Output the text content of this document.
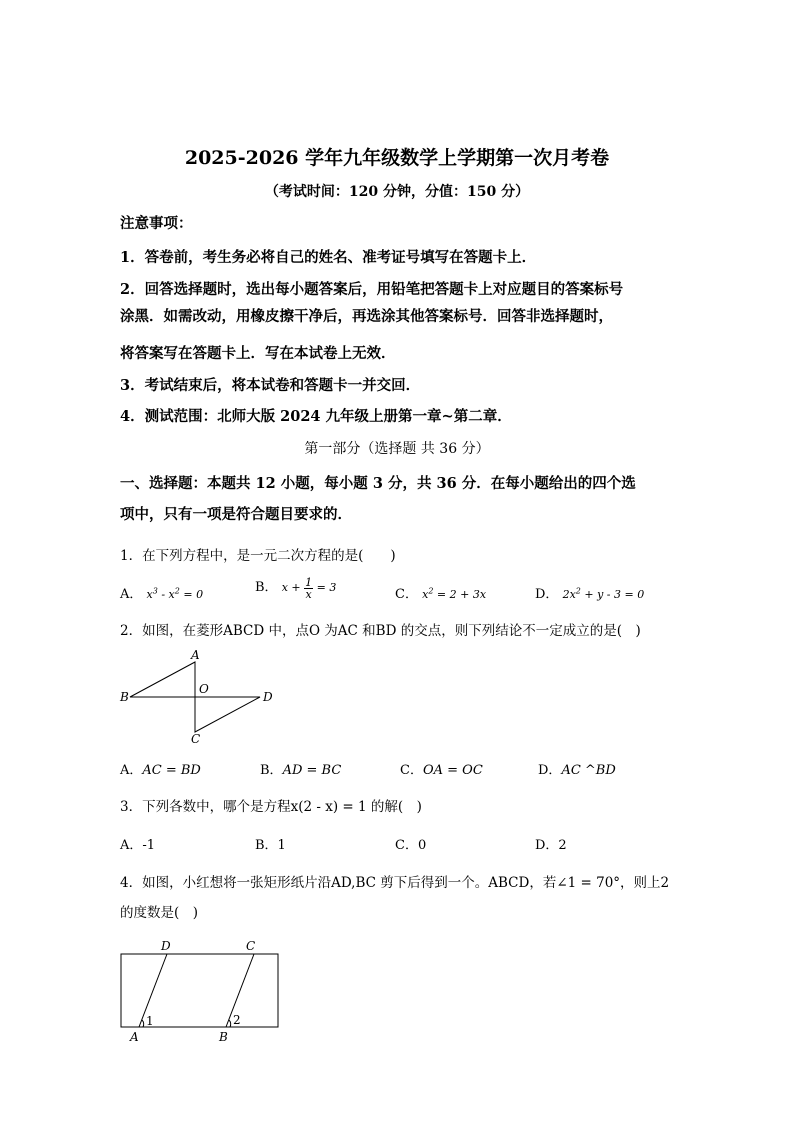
2025-2026 学年九年级数学上学期第一次月考卷
（考试时间：120 分钟，分值：150 分）
注意事项：
1．答卷前，考生务必将自己的姓名、准考证号填写在答题卡上．
2．回答选择题时，选出每小题答案后，用铅笔把答题卡上对应题目的答案标号
涂黑．如需改动，用橡皮擦干净后，再选涂其他答案标号．回答非选择题时，
将答案写在答题卡上．写在本试卷上无效．
3．考试结束后，将本试卷和答题卡一并交回．
4．测试范围：北师大版 2024 九年级上册第一章~第二章．
第一部分（选择题 共 36 分）
一、选择题：本题共 12 小题，每小题 3 分，共 36 分．在每小题给出的四个选
项中，只有一项是符合题目要求的．
1．在下列方程中，是一元二次方程的是(　　)
A． $x^3 - x^2 = 0$	B． $x + \frac{1}{x} = 3$	C． $x^2 = 2 + 3x$	D． $2x^2 + y - 3 = 0$
2．如图，在菱形ABCD 中，点O 为AC 和BD 的交点，则下列结论不一定成立的是(　)
A
B
C
D
O
A．AC = BD	B．AD = BC	C．OA = OC	D．AC ^BD
3．下列各数中，哪个是方程x(2 - x) = 1 的解(　)
A．-1	B．1	C．0	D．2
4．如图，小红想将一张矩形纸片沿AD,BC 剪下后得到一个。ABCD，若∠1 = 70°，则上2
的度数是(　)
D	C
A	B
1	2
